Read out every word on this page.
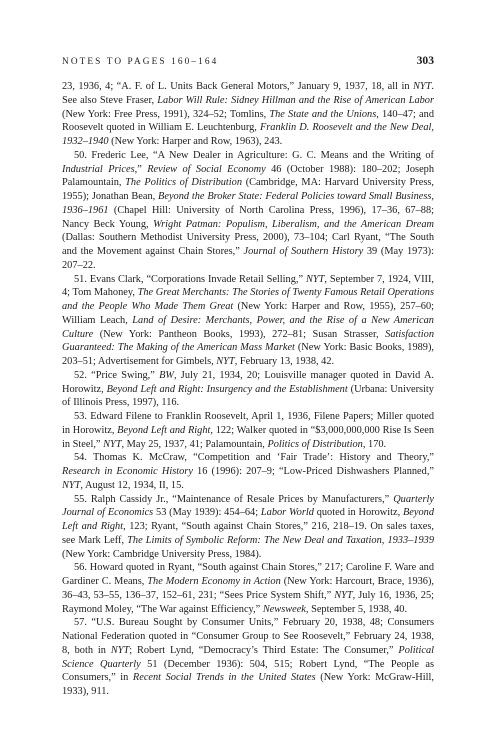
NOTES TO PAGES 160–164	303

23, 1936, 4; “A. F. of L. Units Back General Motors,” January 9, 1937, 18, all in NYT. See also Steve Fraser, Labor Will Rule: Sidney Hillman and the Rise of American Labor (New York: Free Press, 1991), 324–52; Tomlins, The State and the Unions, 140–47; and Roosevelt quoted in William E. Leuchtenburg, Franklin D. Roosevelt and the New Deal, 1932–1940 (New York: Harper and Row, 1963), 243.

50. Frederic Lee, “A New Dealer in Agriculture: G. C. Means and the Writing of Industrial Prices,” Review of Social Economy 46 (October 1988): 180–202; Joseph Palamountain, The Politics of Distribution (Cambridge, MA: Harvard University Press, 1955); Jonathan Bean, Beyond the Broker State: Federal Policies toward Small Business, 1936–1961 (Chapel Hill: University of North Carolina Press, 1996), 17–36, 67–88; Nancy Beck Young, Wright Patman: Populism, Liberalism, and the American Dream (Dallas: Southern Methodist University Press, 2000), 73–104; Carl Ryant, “The South and the Movement against Chain Stores,” Journal of Southern History 39 (May 1973): 207–22.

51. Evans Clark, “Corporations Invade Retail Selling,” NYT, September 7, 1924, VIII, 4; Tom Mahoney, The Great Merchants: The Stories of Twenty Famous Retail Operations and the People Who Made Them Great (New York: Harper and Row, 1955), 257–60; William Leach, Land of Desire: Merchants, Power, and the Rise of a New American Culture (New York: Pantheon Books, 1993), 272–81; Susan Strasser, Satisfaction Guaranteed: The Making of the American Mass Market (New York: Basic Books, 1989), 203–51; Advertisement for Gimbels, NYT, February 13, 1938, 42.

52. “Price Swing,” BW, July 21, 1934, 20; Louisville manager quoted in David A. Horowitz, Beyond Left and Right: Insurgency and the Establishment (Urbana: University of Illinois Press, 1997), 116.

53. Edward Filene to Franklin Roosevelt, April 1, 1936, Filene Papers; Miller quoted in Horowitz, Beyond Left and Right, 122; Walker quoted in “$3,000,000,000 Rise Is Seen in Steel,” NYT, May 25, 1937, 41; Palamountain, Politics of Distribution, 170.

54. Thomas K. McCraw, “Competition and ‘Fair Trade’: History and Theory,” Research in Economic History 16 (1996): 207–9; “Low-Priced Dishwashers Planned,” NYT, August 12, 1934, II, 15.

55. Ralph Cassidy Jr., “Maintenance of Resale Prices by Manufacturers,” Quarterly Journal of Economics 53 (May 1939): 454–64; Labor World quoted in Horowitz, Beyond Left and Right, 123; Ryant, “South against Chain Stores,” 216, 218–19. On sales taxes, see Mark Leff, The Limits of Symbolic Reform: The New Deal and Taxation, 1933–1939 (New York: Cambridge University Press, 1984).

56. Howard quoted in Ryant, “South against Chain Stores,” 217; Caroline F. Ware and Gardiner C. Means, The Modern Economy in Action (New York: Harcourt, Brace, 1936), 36–43, 53–55, 136–37, 152–61, 231; “Sees Price System Shift,” NYT, July 16, 1936, 25; Raymond Moley, “The War against Efficiency,” Newsweek, September 5, 1938, 40.

57. “U.S. Bureau Sought by Consumer Units,” February 20, 1938, 48; Consumers National Federation quoted in “Consumer Group to See Roosevelt,” February 24, 1938, 8, both in NYT; Robert Lynd, “Democracy’s Third Estate: The Consumer,” Political Science Quarterly 51 (December 1936): 504, 515; Robert Lynd, “The People as Consumers,” in Recent Social Trends in the United States (New York: McGraw-Hill, 1933), 911.
